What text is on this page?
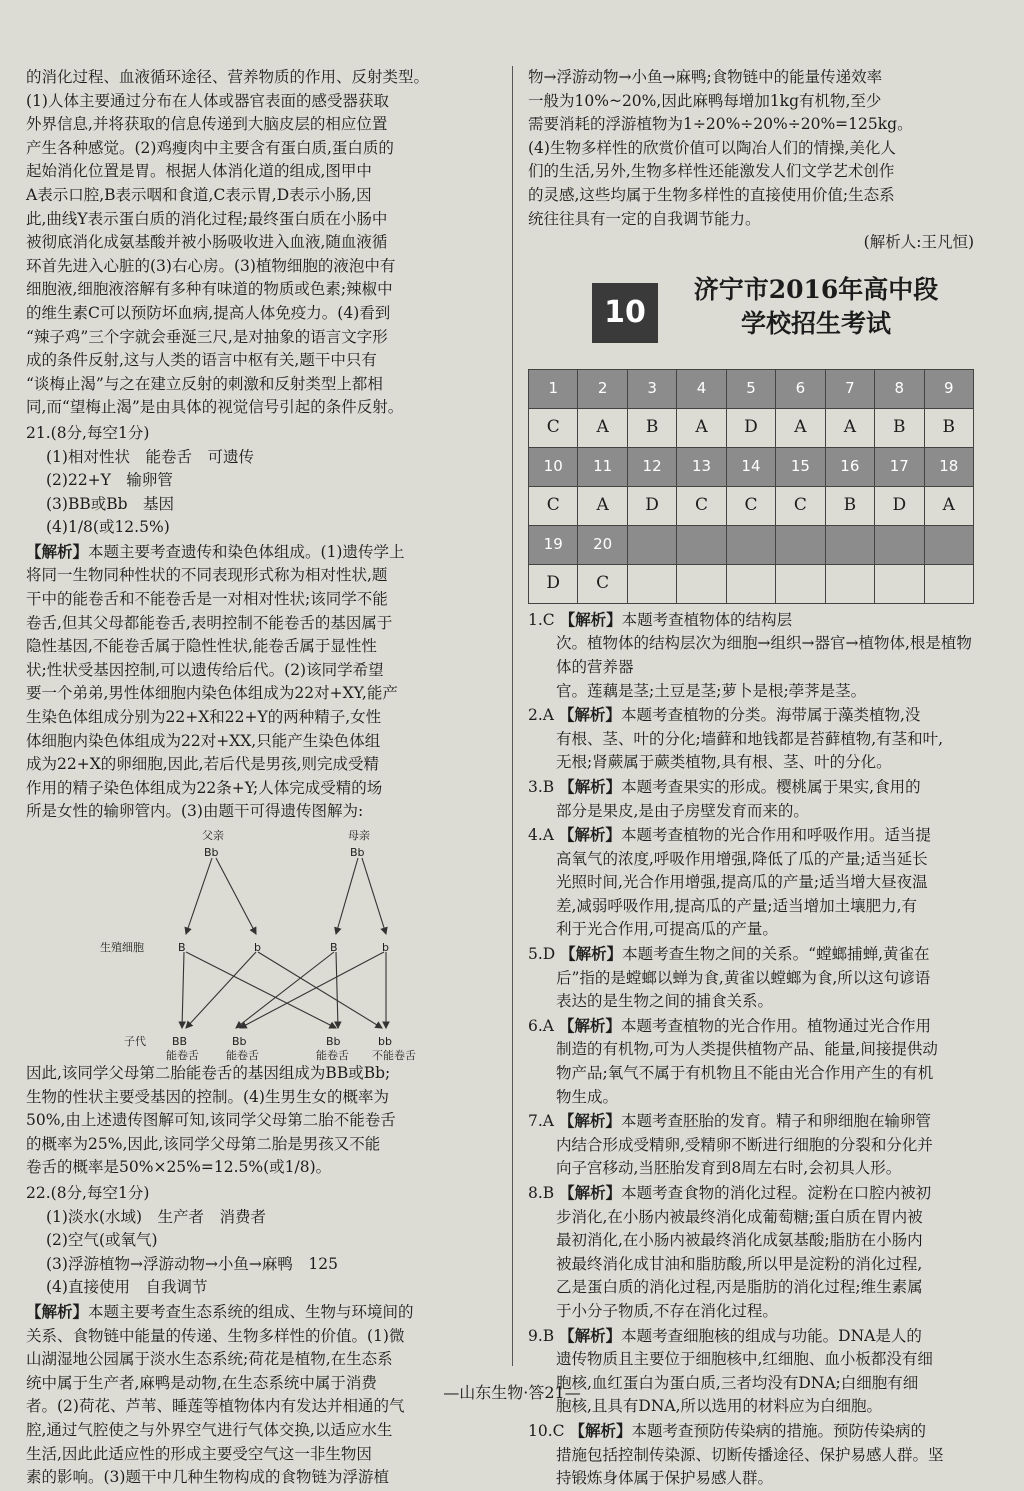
的消化过程、血液循环途径、营养物质的作用、反射类型。

(1)人体主要通过分布在人体或器官表面的感受器获取

外界信息,并将获取的信息传递到大脑皮层的相应位置

产生各种感觉。(2)鸡瘦肉中主要含有蛋白质,蛋白质的

起始消化位置是胃。根据人体消化道的组成,图甲中

A表示口腔,B表示咽和食道,C表示胃,D表示小肠,因

此,曲线Y表示蛋白质的消化过程;最终蛋白质在小肠中

被彻底消化成氨基酸并被小肠吸收进入血液,随血液循

环首先进入心脏的(3)右心房。(3)植物细胞的液泡中有

细胞液,细胞液溶解有多种有味道的物质或色素;辣椒中

的维生素C可以预防坏血病,提高人体免疫力。(4)看到

“辣子鸡”三个字就会垂涎三尺,是对抽象的语言文字形

成的条件反射,这与人类的语言中枢有关,题干中只有

“谈梅止渴”与之在建立反射的刺激和反射类型上都相

同,而“望梅止渴”是由具体的视觉信号引起的条件反射。

21.(8分,每空1分)

(1)相对性状　能卷舌　可遗传

(2)22+Y　输卵管

(3)BB或Bb　基因

(4)1/8(或12.5%)

【解析】本题主要考查遗传和染色体组成。(1)遗传学上

将同一生物同种性状的不同表现形式称为相对性状,题

干中的能卷舌和不能卷舌是一对相对性状;该同学不能

卷舌,但其父母都能卷舌,表明控制不能卷舌的基因属于

隐性基因,不能卷舌属于隐性性状,能卷舌属于显性性

状;性状受基因控制,可以遗传给后代。(2)该同学希望

要一个弟弟,男性体细胞内染色体组成为22对+XY,能产

生染色体组成分别为22+X和22+Y的两种精子,女性

体细胞内染色体组成为22对+XX,只能产生染色体组

成为22+X的卵细胞,因此,若后代是男孩,则完成受精

作用的精子染色体组成为22条+Y;人体完成受精的场

所是女性的输卵管内。(3)由题干可得遗传图解为:

父亲	母亲
Bb	Bb
生殖细胞	B	b	B	b
子代 BB	Bb	Bb	bb
能卷舌 能卷舌	能卷舌 不能卷舌

因此,该同学父母第二胎能卷舌的基因组成为BB或Bb;

生物的性状主要受基因的控制。(4)生男生女的概率为

50%,由上述遗传图解可知,该同学父母第二胎不能卷舌

的概率为25%,因此,该同学父母第二胎是男孩又不能

卷舌的概率是50%×25%=12.5%(或1/8)。

22.(8分,每空1分)

(1)淡水(水域)　生产者　消费者

(2)空气(或氧气)

(3)浮游植物→浮游动物→小鱼→麻鸭　125

(4)直接使用　自我调节

【解析】本题主要考查生态系统的组成、生物与环境间的

关系、食物链中能量的传递、生物多样性的价值。(1)微

山湖湿地公园属于淡水生态系统;荷花是植物,在生态系

统中属于生产者,麻鸭是动物,在生态系统中属于消费

者。(2)荷花、芦苇、睡莲等植物体内有发达并相通的气

腔,通过气腔使之与外界空气进行气体交换,以适应水生

生活,因此此适应性的形成主要受空气这一非生物因

素的影响。(3)题干中几种生物构成的食物链为浮游植

物→浮游动物→小鱼→麻鸭;食物链中的能量传递效率

一般为10%~20%,因此麻鸭每增加1kg有机物,至少

需要消耗的浮游植物为1÷20%÷20%÷20%=125kg。

(4)生物多样性的欣赏价值可以陶冶人们的情操,美化人

们的生活,另外,生物多样性还能激发人们文学艺术创作

的灵感,这些均属于生物多样性的直接使用价值;生态系

统往往具有一定的自我调节能力。

(解析人:王凡恒)

10
济宁市2016年高中段
学校招生考试
1	2	3	4	5	6	7	8	9
C	A	B	A	D	A	A	B	B
10	11	12	13	14	15	16	17	18
C	A	D	C	C	C	B	D	A
19	20							
D	C							

1.C 【解析】本题考查植物体的结构层

次。植物体的结构层次为细胞→组织→器官→植物体,根是植物体的营养器

官。莲藕是茎;土豆是茎;萝卜是根;荸荠是茎。

2.A 【解析】本题考查植物的分类。海带属于藻类植物,没

有根、茎、叶的分化;墙藓和地钱都是苔藓植物,有茎和叶,

无根;肾蕨属于蕨类植物,具有根、茎、叶的分化。

3.B 【解析】本题考查果实的形成。樱桃属于果实,食用的

部分是果皮,是由子房壁发育而来的。

4.A 【解析】本题考查植物的光合作用和呼吸作用。适当提

高氧气的浓度,呼吸作用增强,降低了瓜的产量;适当延长

光照时间,光合作用增强,提高瓜的产量;适当增大昼夜温

差,减弱呼吸作用,提高瓜的产量;适当增加土壤肥力,有

利于光合作用,可提高瓜的产量。

5.D 【解析】本题考查生物之间的关系。“螳螂捕蝉,黄雀在

后”指的是螳螂以蝉为食,黄雀以螳螂为食,所以这句谚语

表达的是生物之间的捕食关系。

6.A 【解析】本题考查植物的光合作用。植物通过光合作用

制造的有机物,可为人类提供植物产品、能量,间接提供动

物产品;氧气不属于有机物且不能由光合作用产生的有机

物生成。

7.A 【解析】本题考查胚胎的发育。精子和卵细胞在输卵管

内结合形成受精卵,受精卵不断进行细胞的分裂和分化并

向子宫移动,当胚胎发育到8周左右时,会初具人形。

8.B 【解析】本题考查食物的消化过程。淀粉在口腔内被初

步消化,在小肠内被最终消化成葡萄糖;蛋白质在胃内被

最初消化,在小肠内被最终消化成氨基酸;脂肪在小肠内

被最终消化成甘油和脂肪酸,所以甲是淀粉的消化过程,

乙是蛋白质的消化过程,丙是脂肪的消化过程;维生素属

于小分子物质,不存在消化过程。

9.B 【解析】本题考查细胞核的组成与功能。DNA是人的

遗传物质且主要位于细胞核中,红细胞、血小板都没有细

胞核,血红蛋白为蛋白质,三者均没有DNA;白细胞有细

胞核,且具有DNA,所以选用的材料应为白细胞。

10.C 【解析】本题考查预防传染病的措施。预防传染病的

措施包括控制传染源、切断传播途径、保护易感人群。坚

持锻炼身体属于保护易感人群。

—山东生物·答21—
